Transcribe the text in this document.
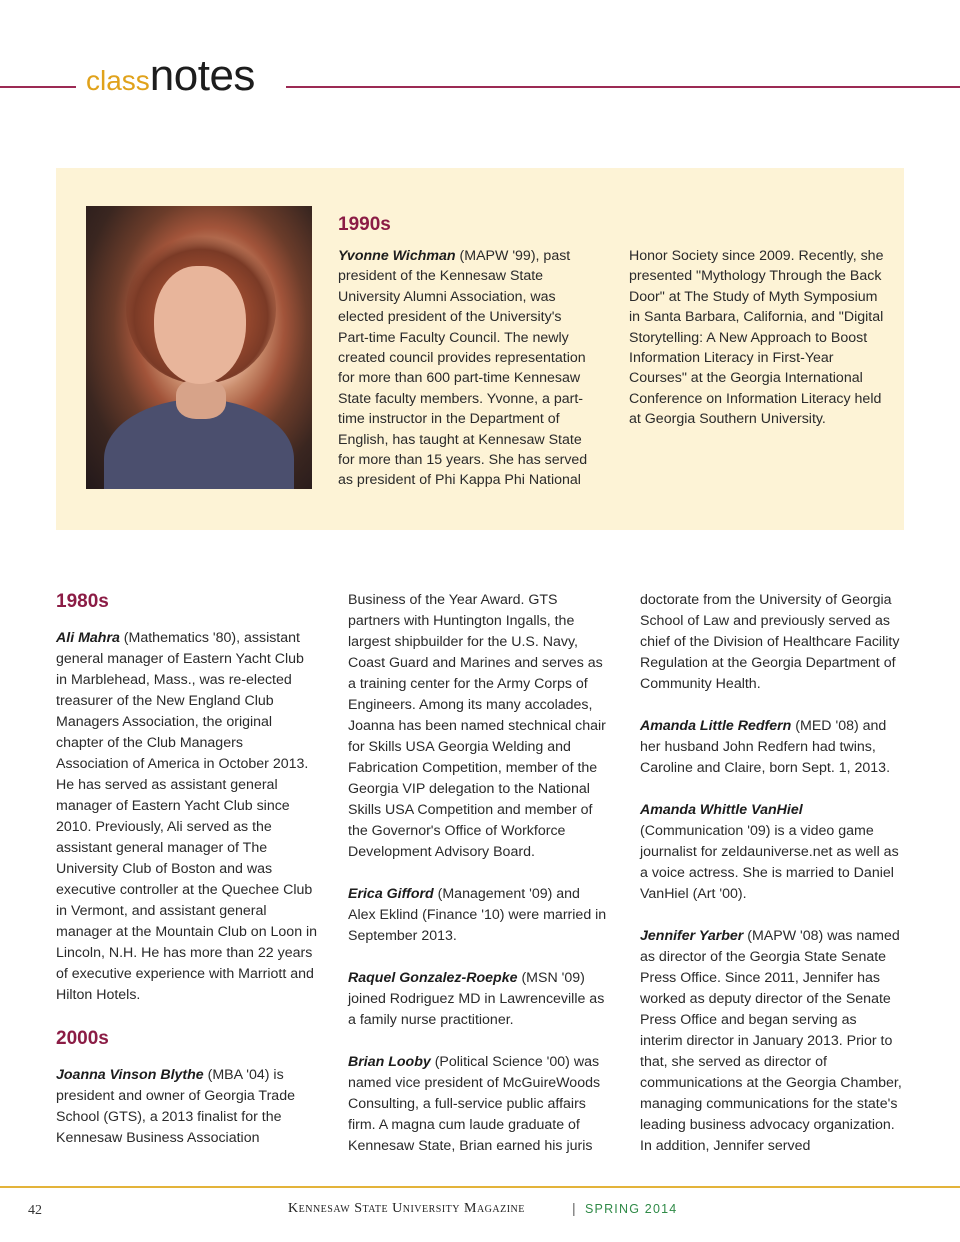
classnotes
1990s
Yvonne Wichman (MAPW '99), past president of the Kennesaw State University Alumni Association, was elected president of the University's Part-time Faculty Council. The newly created council provides representation for more than 600 part-time Kennesaw State faculty members. Yvonne, a part-time instructor in the Department of English, has taught at Kennesaw State for more than 15 years. She has served as president of Phi Kappa Phi National
Honor Society since 2009. Recently, she presented "Mythology Through the Back Door" at The Study of Myth Symposium in Santa Barbara, California, and "Digital Storytelling: A New Approach to Boost Information Literacy in First-Year Courses" at the Georgia International Conference on Information Literacy held at Georgia Southern University.
1980s

Ali Mahra (Mathematics '80), assistant general manager of Eastern Yacht Club in Marblehead, Mass., was re-elected treasurer of the New England Club Managers Association, the original chapter of the Club Managers Association of America in October 2013. He has served as assistant general manager of Eastern Yacht Club since 2010. Previously, Ali served as the assistant general manager of The University Club of Boston and was executive controller at the Quechee Club in Vermont, and assistant general manager at the Mountain Club on Loon in Lincoln, N.H. He has more than 22 years of executive experience with Marriott and Hilton Hotels.

2000s

Joanna Vinson Blythe (MBA '04) is president and owner of Georgia Trade School (GTS), a 2013 finalist for the Kennesaw Business Association

Business of the Year Award. GTS partners with Huntington Ingalls, the largest shipbuilder for the U.S. Navy, Coast Guard and Marines and serves as a training center for the Army Corps of Engineers. Among its many accolades, Joanna has been named stechnical chair for Skills USA Georgia Welding and Fabrication Competition, member of the Georgia VIP delegation to the National Skills USA Competition and member of the Governor's Office of Workforce Development Advisory Board.

Erica Gifford (Management '09) and Alex Eklind (Finance '10) were married in September 2013.

Raquel Gonzalez-Roepke (MSN '09) joined Rodriguez MD in Lawrenceville as a family nurse practitioner.

Brian Looby (Political Science '00) was named vice president of McGuireWoods Consulting, a full-service public affairs firm. A magna cum laude graduate of Kennesaw State, Brian earned his juris

doctorate from the University of Georgia School of Law and previously served as chief of the Division of Healthcare Facility Regulation at the Georgia Department of Community Health.

Amanda Little Redfern (MED '08) and her husband John Redfern had twins, Caroline and Claire, born Sept. 1, 2013.

Amanda Whittle VanHiel (Communication '09) is a video game journalist for zeldauniverse.net as well as a voice actress. She is married to Daniel VanHiel (Art '00).

Jennifer Yarber (MAPW '08) was named as director of the Georgia State Senate Press Office. Since 2011, Jennifer has worked as deputy director of the Senate Press Office and began serving as interim director in January 2013. Prior to that, she served as director of communications at the Georgia Chamber, managing communications for the state's leading business advocacy organization. In addition, Jennifer served

42	Kennesaw State University Magazine	| SPRING 2014
